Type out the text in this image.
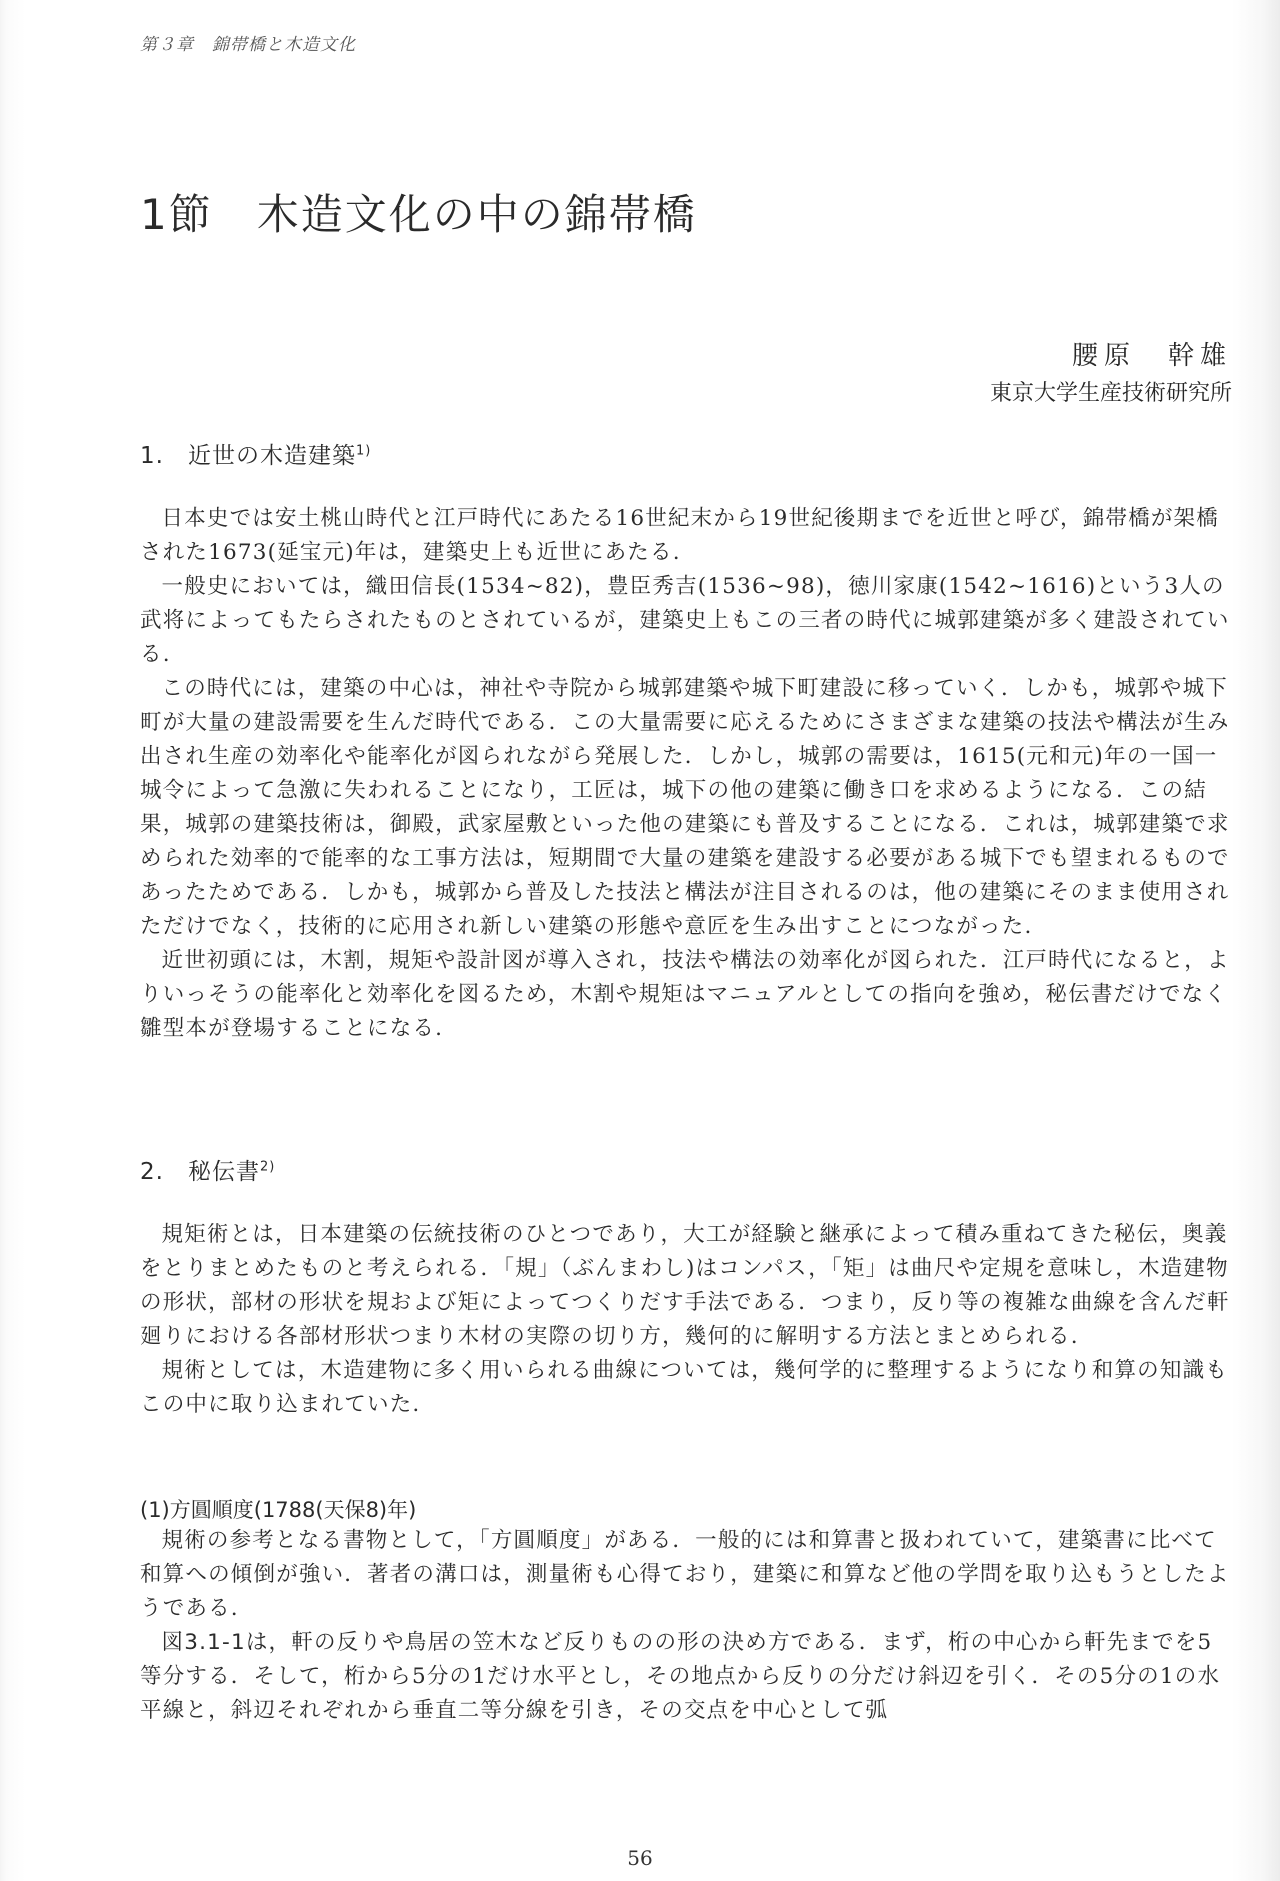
第３章　錦帯橋と木造文化
1節　木造文化の中の錦帯橋
腰原　幹雄
東京大学生産技術研究所
1.　近世の木造建築$^{1)}$

日本史では安土桃山時代と江戸時代にあたる16世紀末から19世紀後期までを近世と呼び，錦帯橋が架橋された1673(延宝元)年は，建築史上も近世にあたる.

一般史においては，織田信長(1534~82)，豊臣秀吉(1536~98)，徳川家康(1542~1616)という3人の武将によってもたらされたものとされているが，建築史上もこの三者の時代に城郭建築が多く建設されている.

この時代には，建築の中心は，神社や寺院から城郭建築や城下町建設に移っていく．しかも，城郭や城下町が大量の建設需要を生んだ時代である．この大量需要に応えるためにさまざまな建築の技法や構法が生み出され生産の効率化や能率化が図られながら発展した．しかし，城郭の需要は，1615(元和元)年の一国一城令によって急激に失われることになり，工匠は，城下の他の建築に働き口を求めるようになる．この結果，城郭の建築技術は，御殿，武家屋敷といった他の建築にも普及することになる．これは，城郭建築で求められた効率的で能率的な工事方法は，短期間で大量の建築を建設する必要がある城下でも望まれるものであったためである．しかも，城郭から普及した技法と構法が注目されるのは，他の建築にそのまま使用されただけでなく，技術的に応用され新しい建築の形態や意匠を生み出すことにつながった.

近世初頭には，木割，規矩や設計図が導入され，技法や構法の効率化が図られた．江戸時代になると，よりいっそうの能率化と効率化を図るため，木割や規矩はマニュアルとしての指向を強め，秘伝書だけでなく雛型本が登場することになる.

2.　秘伝書$^{2)}$

規矩術とは，日本建築の伝統技術のひとつであり，大工が経験と継承によって積み重ねてきた秘伝，奥義をとりまとめたものと考えられる．「規」（ぶんまわし)はコンパス，「矩」は曲尺や定規を意味し，木造建物の形状，部材の形状を規および矩によってつくりだす手法である．つまり，反り等の複雑な曲線を含んだ軒廻りにおける各部材形状つまり木材の実際の切り方，幾何的に解明する方法とまとめられる.

規術としては，木造建物に多く用いられる曲線については，幾何学的に整理するようになり和算の知識もこの中に取り込まれていた.

(1)方圓順度(1788(天保8)年)

規術の参考となる書物として，「方圓順度」がある．一般的には和算書と扱われていて，建築書に比べて和算への傾倒が強い．著者の溝口は，測量術も心得ており，建築に和算など他の学問を取り込もうとしたようである.

図3.1-1は，軒の反りや鳥居の笠木など反りものの形の決め方である．まず，桁の中心から軒先までを5等分する．そして，桁から5分の1だけ水平とし，その地点から反りの分だけ斜辺を引く．その5分の1の水平線と，斜辺それぞれから垂直二等分線を引き，その交点を中心として弧

56
